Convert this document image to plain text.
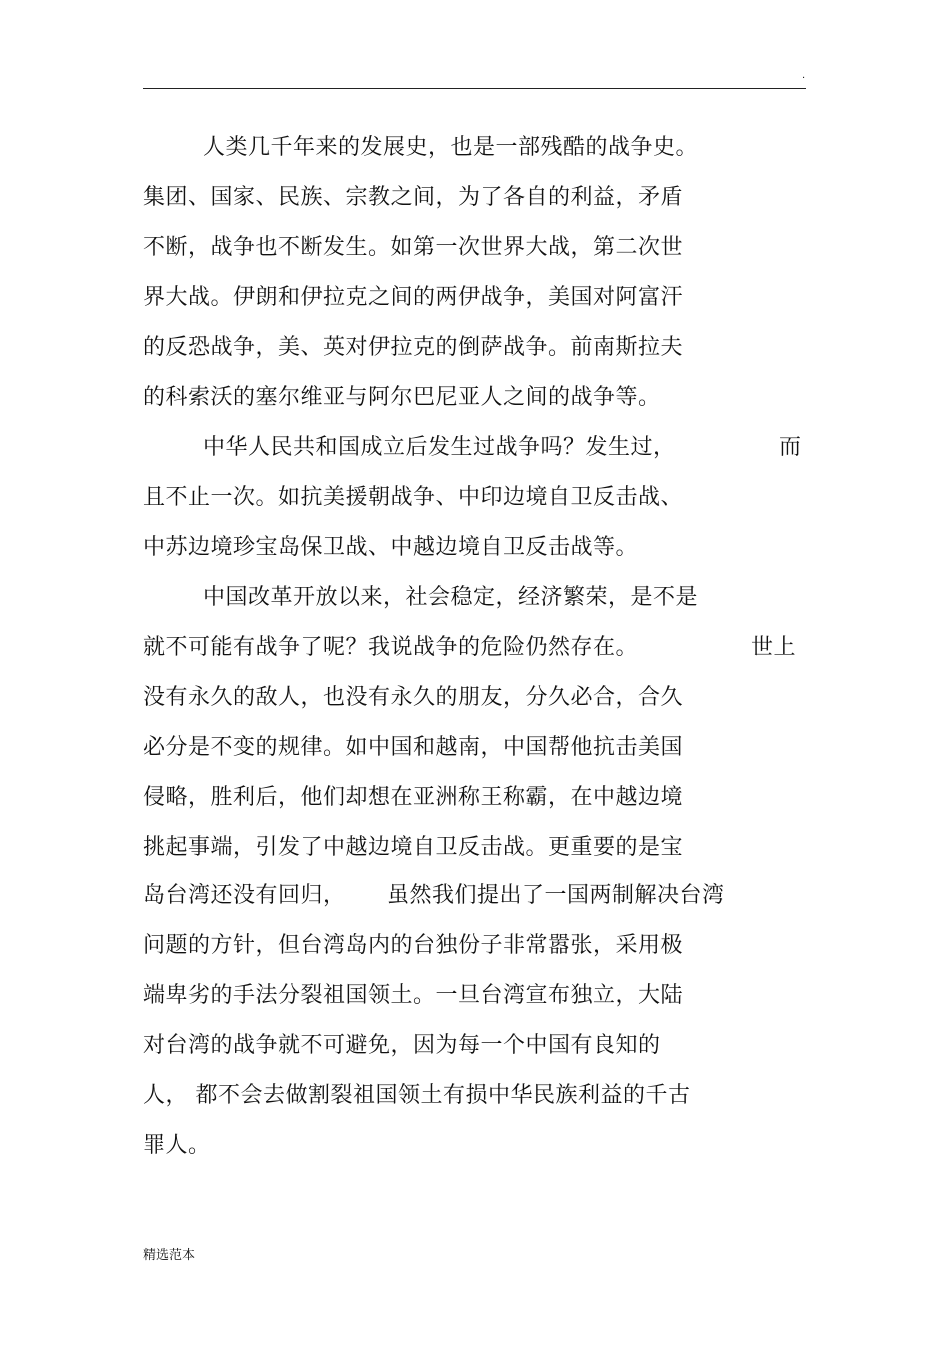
.
人类几千年来的发展史，也是一部残酷的战争史。
集团、国家、民族、宗教之间，为了各自的利益，矛盾
不断，战争也不断发生。如第一次世界大战，第二次世
界大战。伊朗和伊拉克之间的两伊战争，美国对阿富汗
的反恐战争，美、英对伊拉克的倒萨战争。前南斯拉夫
的科索沃的塞尔维亚与阿尔巴尼亚人之间的战争等。
中华人民共和国成立后发生过战争吗？发生过，	而
且不止一次。如抗美援朝战争、中印边境自卫反击战、
中苏边境珍宝岛保卫战、中越边境自卫反击战等。
中国改革开放以来，社会稳定，经济繁荣，是不是
就不可能有战争了呢？我说战争的危险仍然存在。	世上
没有永久的敌人，也没有永久的朋友，分久必合，合久
必分是不变的规律。如中国和越南，中国帮他抗击美国
侵略，胜利后，他们却想在亚洲称王称霸，在中越边境
挑起事端，引发了中越边境自卫反击战。更重要的是宝
岛台湾还没有回归， 虽然我们提出了一国两制解决台湾
问题的方针，但台湾岛内的台独份子非常嚣张，采用极
端卑劣的手法分裂祖国领土。一旦台湾宣布独立，大陆
对台湾的战争就不可避免，因为每一个中国有良知的
人， 都不会去做割裂祖国领土有损中华民族利益的千古
罪人。
精选范本
